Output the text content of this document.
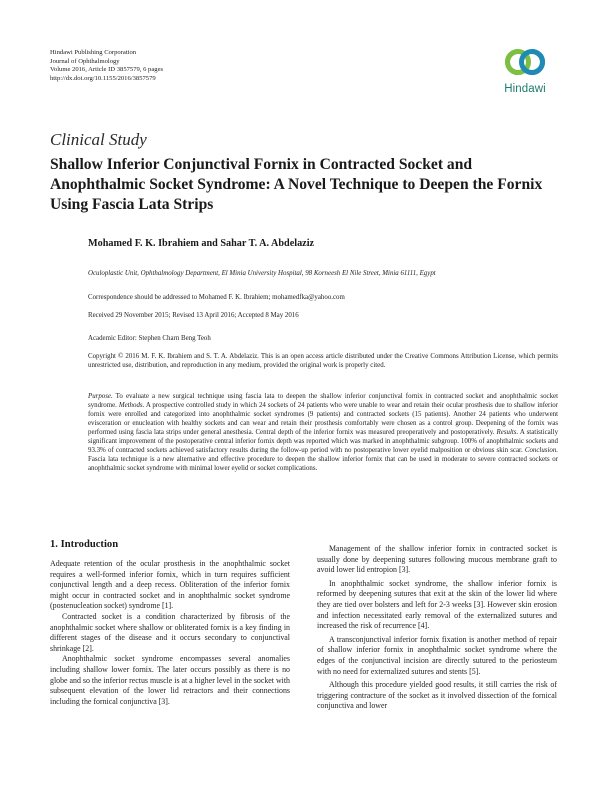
Hindawi Publishing Corporation
Journal of Ophthalmology
Volume 2016, Article ID 3857579, 6 pages
http://dx.doi.org/10.1155/2016/3857579
Hindawi
Clinical Study
Shallow Inferior Conjunctival Fornix in Contracted Socket and Anophthalmic Socket Syndrome: A Novel Technique to Deepen the Fornix Using Fascia Lata Strips
Mohamed F. K. Ibrahiem and Sahar T. A. Abdelaziz
Oculoplastic Unit, Ophthalmology Department, El Minia University Hospital, 98 Korneesh El Nile Street, Minia 61111, Egypt
Correspondence should be addressed to Mohamed F. K. Ibrahiem; mohamedfka@yahoo.com
Received 29 November 2015; Revised 13 April 2016; Accepted 8 May 2016
Academic Editor: Stephen Charn Beng Teoh
Copyright © 2016 M. F. K. Ibrahiem and S. T. A. Abdelaziz. This is an open access article distributed under the Creative Commons Attribution License, which permits unrestricted use, distribution, and reproduction in any medium, provided the original work is properly cited.
Purpose. To evaluate a new surgical technique using fascia lata to deepen the shallow inferior conjunctival fornix in contracted socket and anophthalmic socket syndrome. Methods. A prospective controlled study in which 24 sockets of 24 patients who were unable to wear and retain their ocular prosthesis due to shallow inferior fornix were enrolled and categorized into anophthalmic socket syndromes (9 patients) and contracted sockets (15 patients). Another 24 patients who underwent evisceration or enucleation with healthy sockets and can wear and retain their prosthesis comfortably were chosen as a control group. Deepening of the fornix was performed using fascia lata strips under general anesthesia. Central depth of the inferior fornix was measured preoperatively and postoperatively. Results. A statistically significant improvement of the postoperative central inferior fornix depth was reported which was marked in anophthalmic subgroup. 100% of anophthalmic sockets and 93.3% of contracted sockets achieved satisfactory results during the follow-up period with no postoperative lower eyelid malposition or obvious skin scar. Conclusion. Fascia lata technique is a new alternative and effective procedure to deepen the shallow inferior fornix that can be used in moderate to severe contracted sockets or anophthalmic socket syndrome with minimal lower eyelid or socket complications.
1. Introduction

Adequate retention of the ocular prosthesis in the anophthalmic socket requires a well-formed inferior fornix, which in turn requires sufficient conjunctival length and a deep recess. Obliteration of the inferior fornix might occur in contracted socket and in anophthalmic socket syndrome (postenucleation socket) syndrome [1].

Contracted socket is a condition characterized by fibrosis of the anophthalmic socket where shallow or obliterated fornix is a key finding in different stages of the disease and it occurs secondary to conjunctival shrinkage [2].

Anophthalmic socket syndrome encompasses several anomalies including shallow lower fornix. The later occurs possibly as there is no globe and so the inferior rectus muscle is at a higher level in the socket with subsequent elevation of the lower lid retractors and their connections including the fornical conjunctiva [3].

Management of the shallow inferior fornix in contracted socket is usually done by deepening sutures following mucous membrane graft to avoid lower lid entropion [3].

In anophthalmic socket syndrome, the shallow inferior fornix is reformed by deepening sutures that exit at the skin of the lower lid where they are tied over bolsters and left for 2-3 weeks [3]. However skin erosion and infection necessitated early removal of the externalized sutures and increased the risk of recurrence [4].

A transconjunctival inferior fornix fixation is another method of repair of shallow inferior fornix in anophthalmic socket syndrome where the edges of the conjunctival incision are directly sutured to the periosteum with no need for externalized sutures and stents [5].

Although this procedure yielded good results, it still carries the risk of triggering contracture of the socket as it involved dissection of the fornical conjunctiva and lower
